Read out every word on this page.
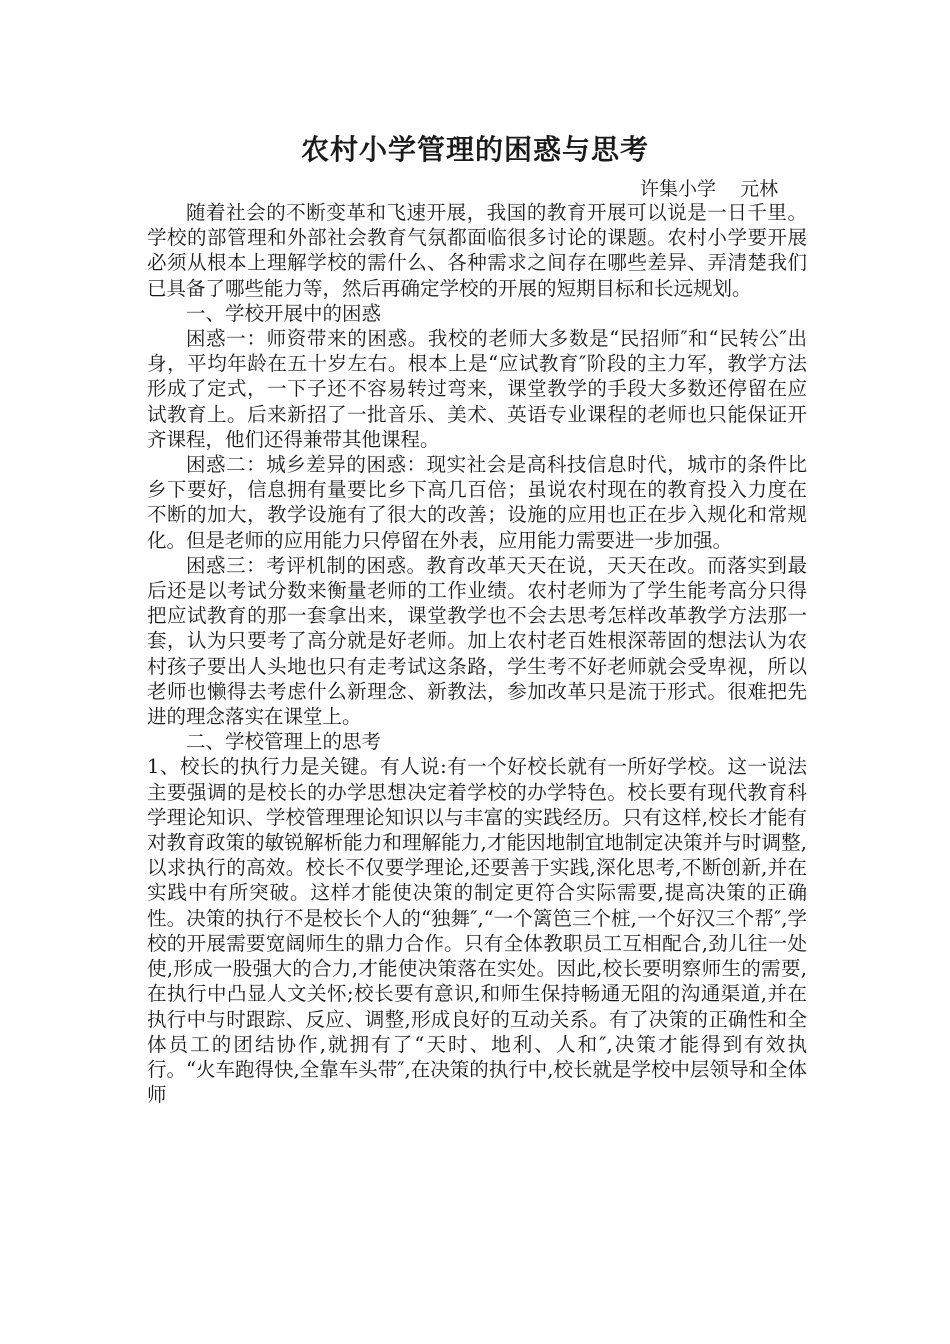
农村小学管理的困惑与思考
许集小学    元林

随着社会的不断变革和飞速开展，我国的教育开展可以说是一日千里。学校的部管理和外部社会教育气氛都面临很多讨论的课题。农村小学要开展必须从根本上理解学校的需什么、各种需求之间存在哪些差异、弄清楚我们已具备了哪些能力等，然后再确定学校的开展的短期目标和长远规划。

一、学校开展中的困惑

困惑一：师资带来的困惑。我校的老师大多数是“民招师″和“民转公″出身，平均年龄在五十岁左右。根本上是“应试教育″阶段的主力军，教学方法形成了定式，一下子还不容易转过弯来，课堂教学的手段大多数还停留在应试教育上。后来新招了一批音乐、美术、英语专业课程的老师也只能保证开齐课程，他们还得兼带其他课程。

困惑二：城乡差异的困惑：现实社会是高科技信息时代，城市的条件比乡下要好，信息拥有量要比乡下高几百倍；虽说农村现在的教育投入力度在不断的加大，教学设施有了很大的改善；设施的应用也正在步入规化和常规化。但是老师的应用能力只停留在外表，应用能力需要进一步加强。

困惑三：考评机制的困惑。教育改革天天在说，天天在改。而落实到最后还是以考试分数来衡量老师的工作业绩。农村老师为了学生能考高分只得把应试教育的那一套拿出来，课堂教学也不会去思考怎样改革教学方法那一套，认为只要考了高分就是好老师。加上农村老百姓根深蒂固的想法认为农村孩子要出人头地也只有走考试这条路，学生考不好老师就会受卑视，所以老师也懒得去考虑什么新理念、新教法，参加改革只是流于形式。很难把先进的理念落实在课堂上。

二、学校管理上的思考

1、校长的执行力是关键。有人说:有一个好校长就有一所好学校。这一说法主要强调的是校长的办学思想决定着学校的办学特色。校长要有现代教育科学理论知识、学校管理理论知识以与丰富的实践经历。只有这样,校长才能有对教育政策的敏锐解析能力和理解能力,才能因地制宜地制定决策并与时调整,以求执行的高效。校长不仅要学理论,还要善于实践,深化思考,不断创新,并在实践中有所突破。这样才能使决策的制定更符合实际需要,提高决策的正确性。决策的执行不是校长个人的“独舞″,“一个篱笆三个桩,一个好汉三个帮″,学校的开展需要宽阔师生的鼎力合作。只有全体教职员工互相配合,劲儿往一处使,形成一股强大的合力,才能使决策落在实处。因此,校长要明察师生的需要,在执行中凸显人文关怀;校长要有意识,和师生保持畅通无阻的沟通渠道,并在执行中与时跟踪、反应、调整,形成良好的互动关系。有了决策的正确性和全体员工的团结协作,就拥有了“天时、地利、人和″,决策才能得到有效执行。“火车跑得快,全靠车头带″,在决策的执行中,校长就是学校中层领导和全体师
